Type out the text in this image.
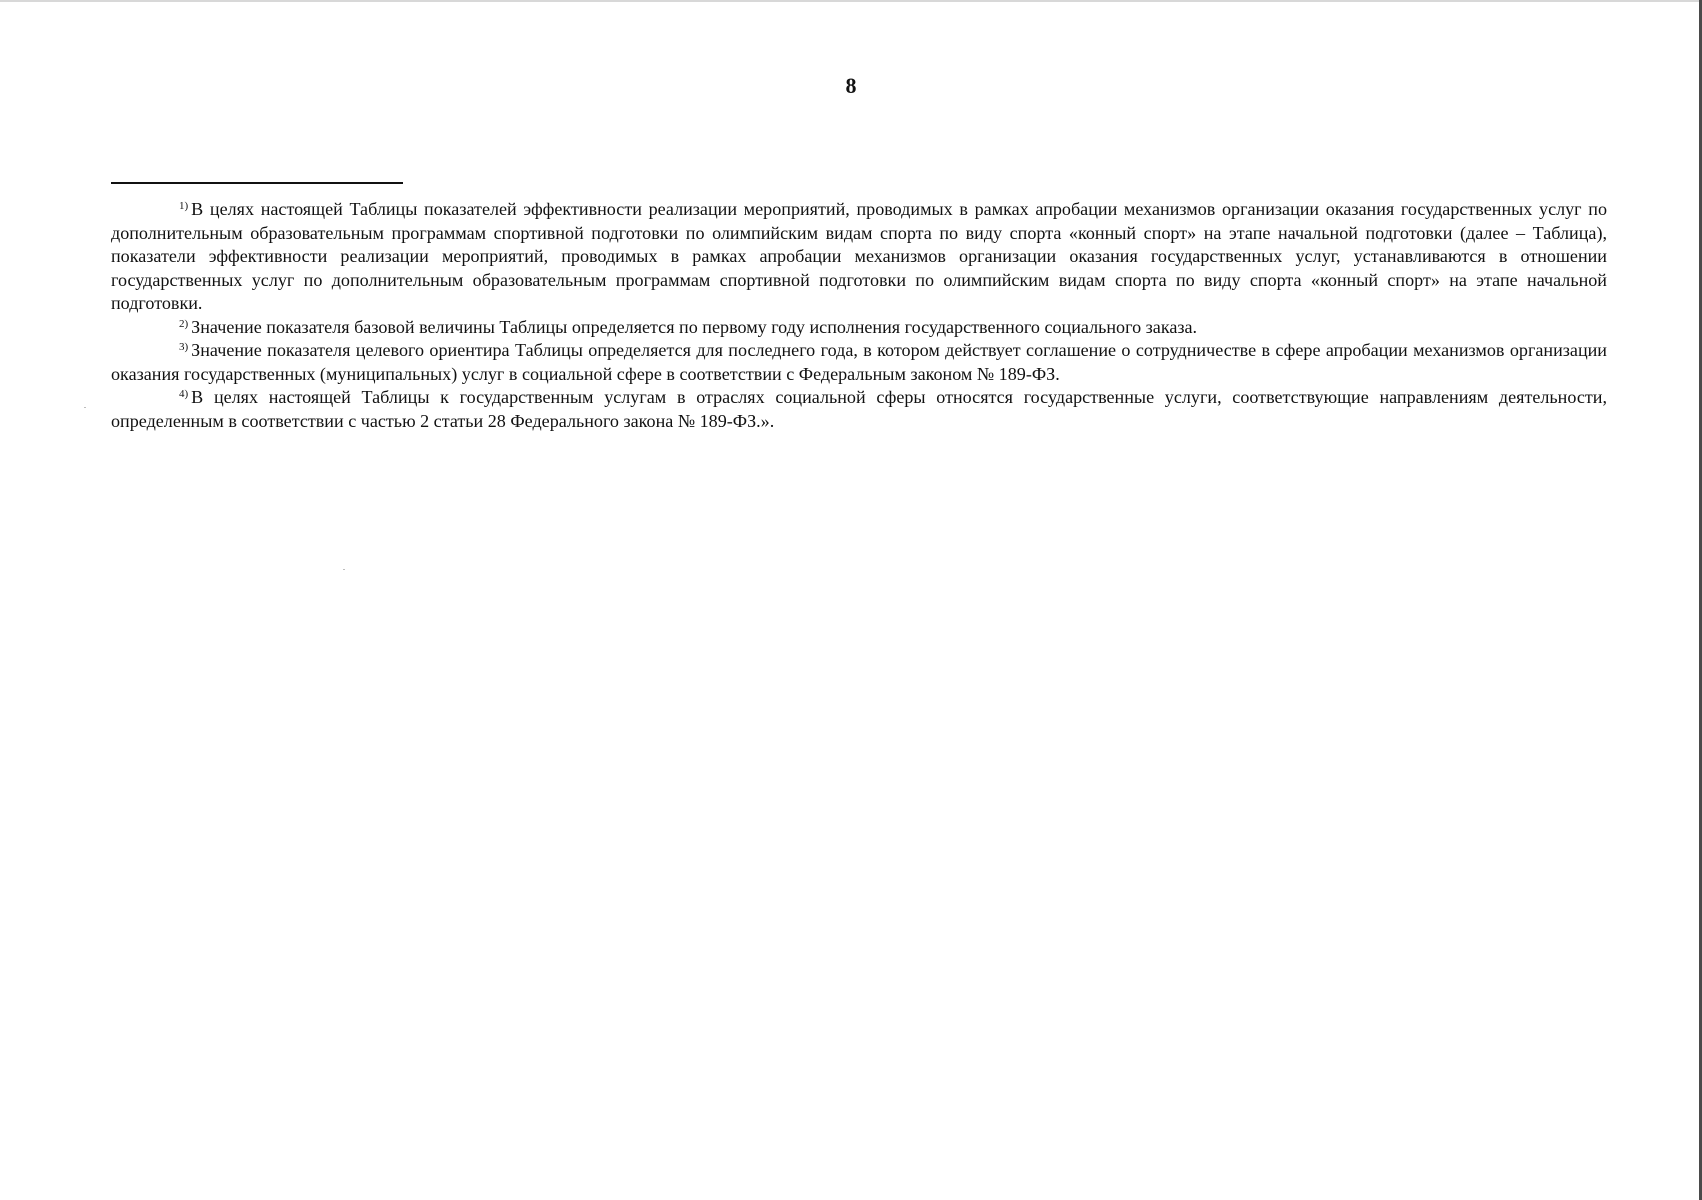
8

$^{1)}$ В целях настоящей Таблицы показателей эффективности реализации мероприятий, проводимых в рамках апробации механизмов организации оказания государственных услуг по дополнительным образовательным программам спортивной подготовки по олимпийским видам спорта по виду спорта «конный спорт» на этапе начальной подготовки (далее – Таблица), показатели эффективности реализации мероприятий, проводимых в рамках апробации механизмов организации оказания государственных услуг, устанавливаются в отношении государственных услуг по дополнительным образовательным программам спортивной подготовки по олимпийским видам спорта по виду спорта «конный спорт» на этапе начальной подготовки.

$^{2)}$ Значение показателя базовой величины Таблицы определяется по первому году исполнения государственного социального заказа.

$^{3)}$ Значение показателя целевого ориентира Таблицы определяется для последнего года, в котором действует соглашение о сотрудничестве в сфере апробации механизмов организации оказания государственных (муниципальных) услуг в социальной сфере в соответствии с Федеральным законом № 189-ФЗ.

$^{4)}$ В целях настоящей Таблицы к государственным услугам в отраслях социальной сферы относятся государственные услуги, соответствующие направлениям деятельности, определенным в соответствии с частью 2 статьи 28 Федерального закона № 189-ФЗ.».
